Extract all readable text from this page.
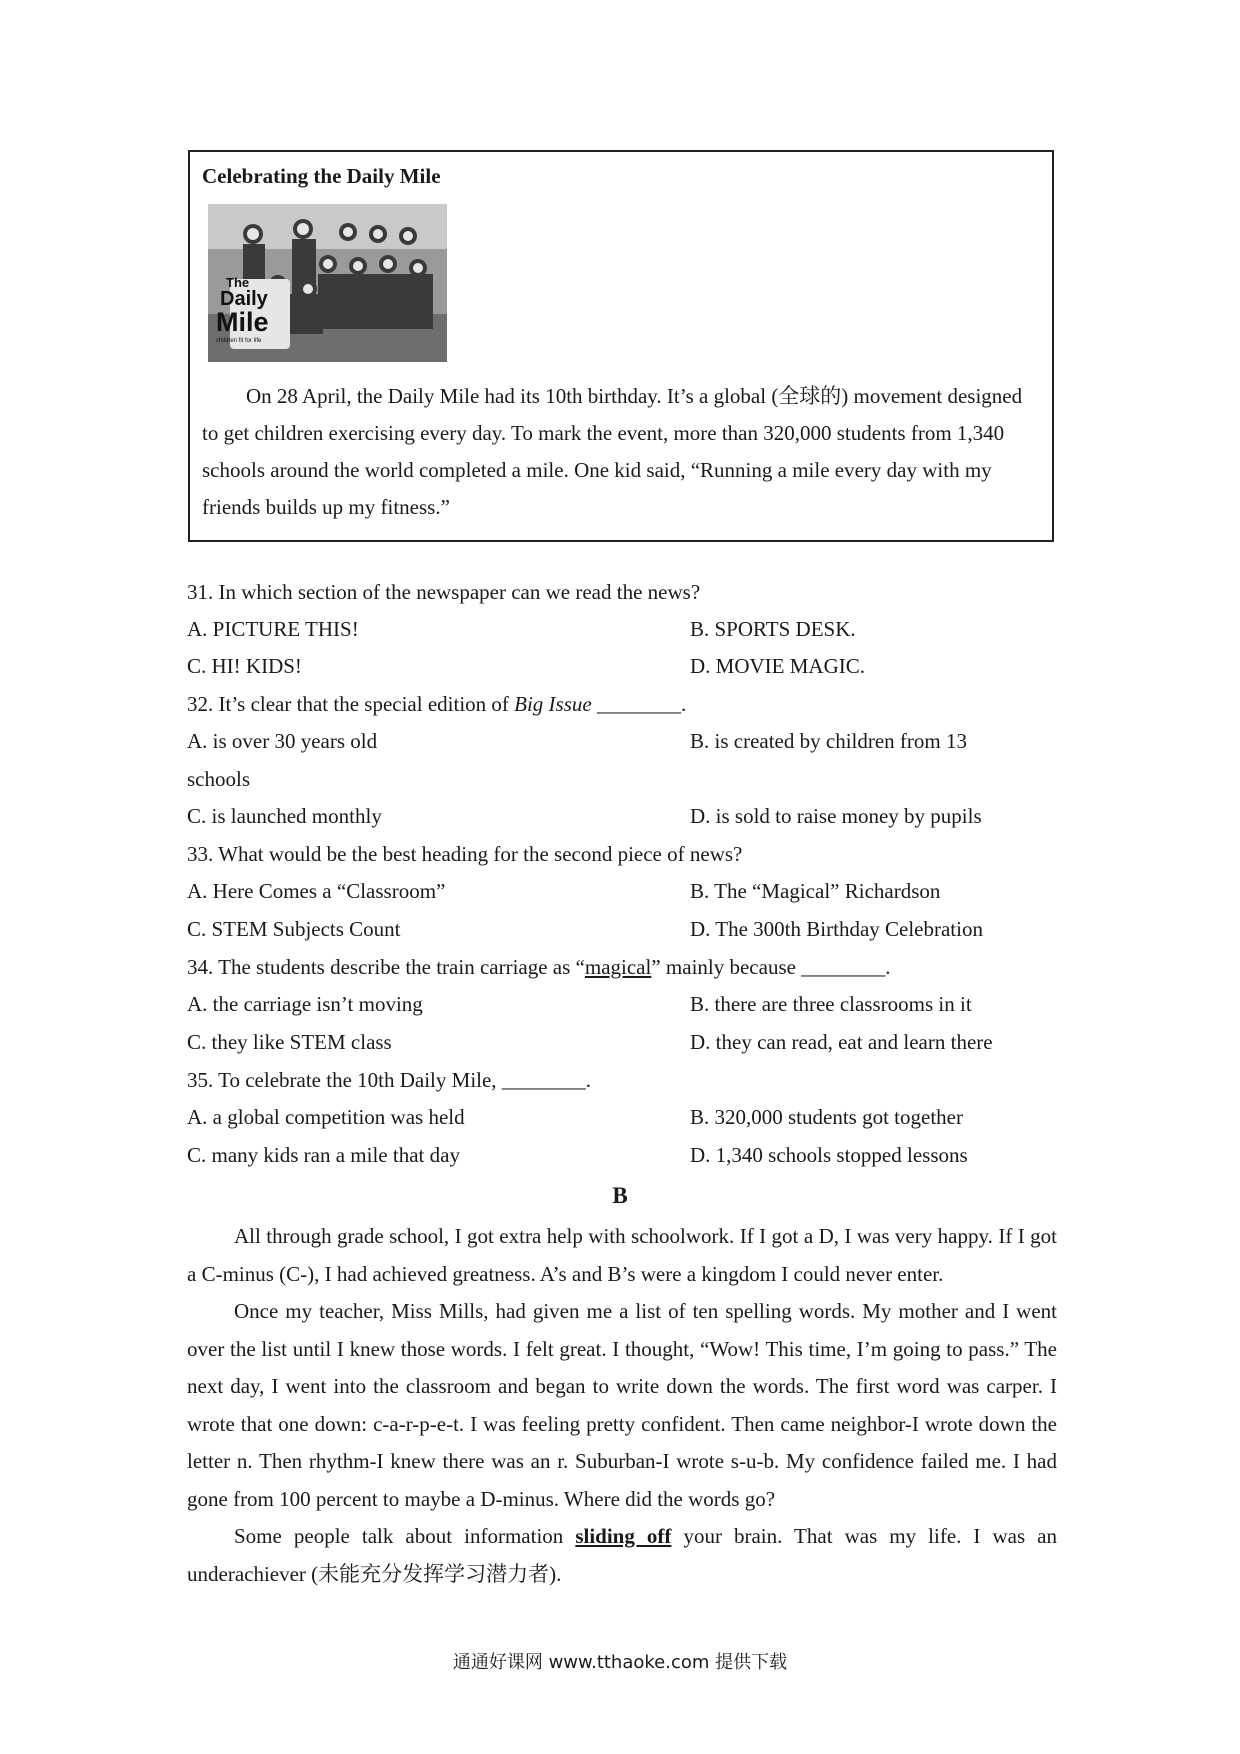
Celebrating the Daily Mile
The
Daily
Mile
children fit for life

On 28 April, the Daily Mile had its 10th birthday. It’s a global (全球的) movement designed to get children exercising every day. To mark the event, more than 320,000 students from 1,340 schools around the world completed a mile. One kid said, “Running a mile every day with my friends builds up my fitness.”

31. In which section of the newspaper can we read the news?
A. PICTURE THIS!	B. SPORTS DESK.
C. HI! KIDS!	D. MOVIE MAGIC.
32. It’s clear that the special edition of Big Issue ________.
A. is over 30 years old	B. is created by children from 13
schools
C. is launched monthly	D. is sold to raise money by pupils
33. What would be the best heading for the second piece of news?
A. Here Comes a “Classroom”	B. The “Magical” Richardson
C. STEM Subjects Count	D. The 300th Birthday Celebration
34. The students describe the train carriage as “magical” mainly because ________.
A. the carriage isn’t moving	B. there are three classrooms in it
C. they like STEM class	D. they can read, eat and learn there
35. To celebrate the 10th Daily Mile, ________.
A. a global competition was held	B. 320,000 students got together
C. many kids ran a mile that day	D. 1,340 schools stopped lessons
B

All through grade school, I got extra help with schoolwork. If I got a D, I was very happy. If I got a C-minus (C-), I had achieved greatness. A’s and B’s were a kingdom I could never enter.

Once my teacher, Miss Mills, had given me a list of ten spelling words. My mother and I went over the list until I knew those words. I felt great. I thought, “Wow! This time, I’m going to pass.” The next day, I went into the classroom and began to write down the words. The first word was carper. I wrote that one down: c-a-r-p-e-t. I was feeling pretty confident. Then came neighbor-I wrote down the letter n. Then rhythm-I knew there was an r. Suburban-I wrote s-u-b. My confidence failed me. I had gone from 100 percent to maybe a D-minus. Where did the words go?

Some people talk about information sliding off your brain. That was my life. I was an underachiever (未能充分发挥学习潜力者).

通通好课网 www.tthaoke.com 提供下载
